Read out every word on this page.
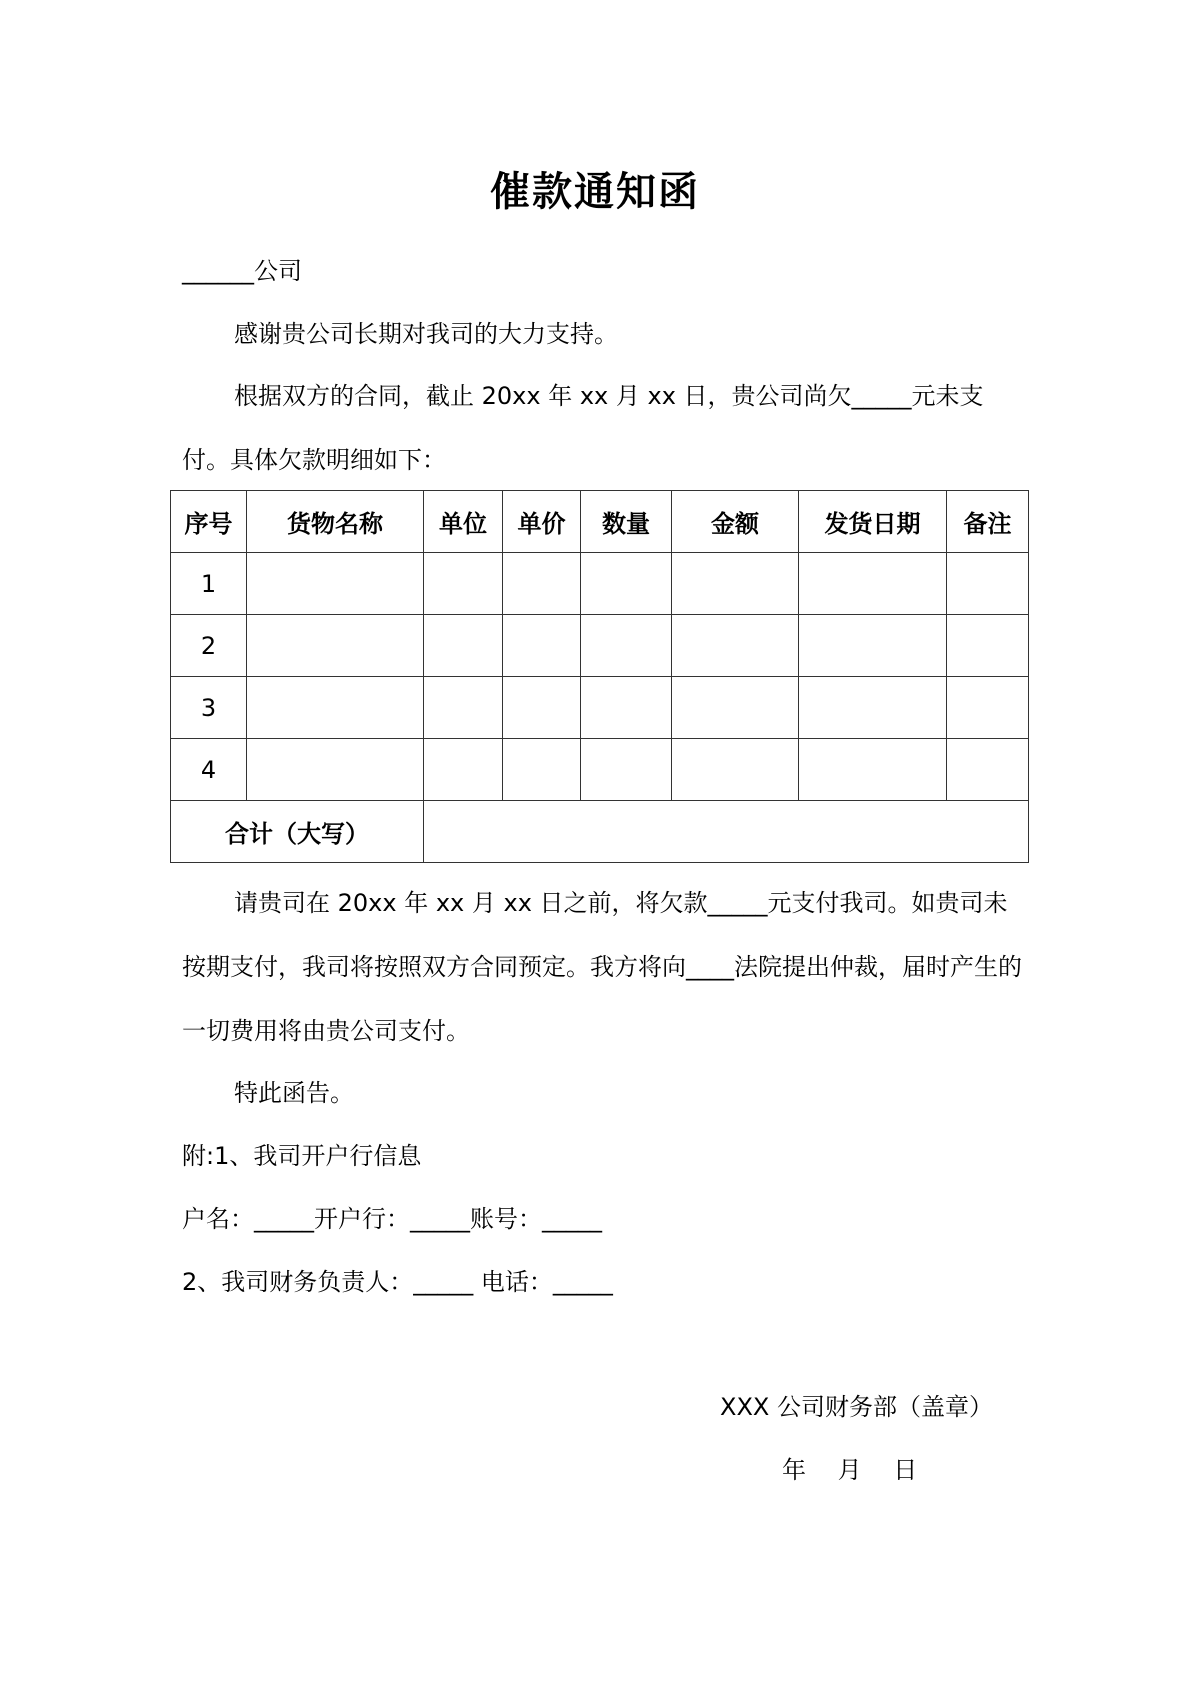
催款通知函
______公司

感谢贵公司长期对我司的大力支持。

根据双方的合同，截止 20xx 年 xx 月 xx 日，贵公司尚欠_____元未支付。具体欠款明细如下：

序号	货物名称	单位	单价	数量	金额	发货日期	备注
1							
2							
3							
4							
合计（大写）							

请贵司在 20xx 年 xx 月 xx 日之前，将欠款_____元支付我司。如贵司未按期支付，我司将按照双方合同预定。我方将向____法院提出仲裁，届时产生的一切费用将由贵公司支付。

特此函告。
附:1、我司开户行信息
户名：_____开户行：_____账号：_____
2、我司财务负责人：_____ 电话：_____
XXX 公司财务部（盖章）
年 月 日
